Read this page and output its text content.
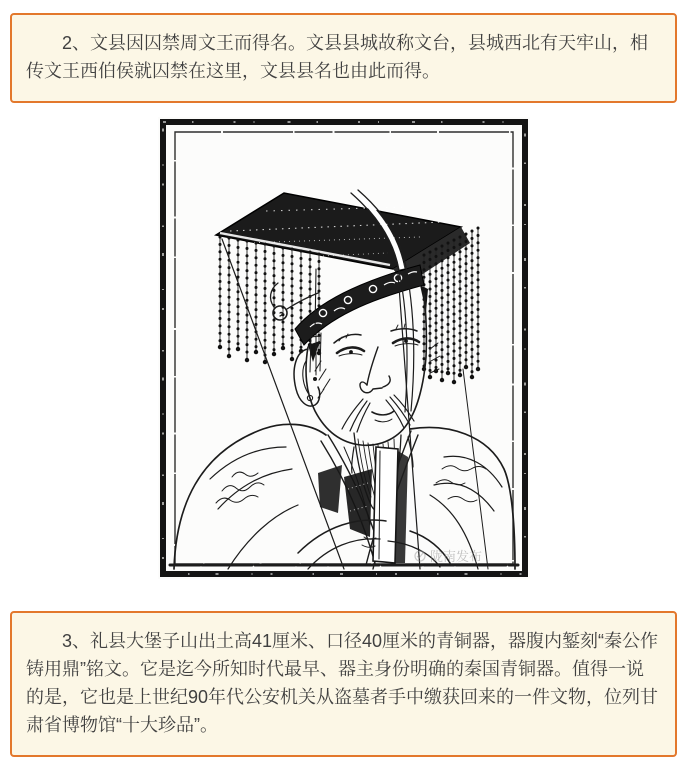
2、文县因囚禁周文王而得名。文县县城故称文台，县城西北有天牢山，相传文王西伯侯就囚禁在这里，文县县名也由此而得。

陇南发布

3、礼县大堡子山出土高41厘米、口径40厘米的青铜器，器腹内錾刻“秦公作铸用鼎”铭文。它是迄今所知时代最早、器主身份明确的秦国青铜器。值得一说的是，它也是上世纪90年代公安机关从盗墓者手中缴获回来的一件文物，位列甘肃省博物馆“十大珍品”。
